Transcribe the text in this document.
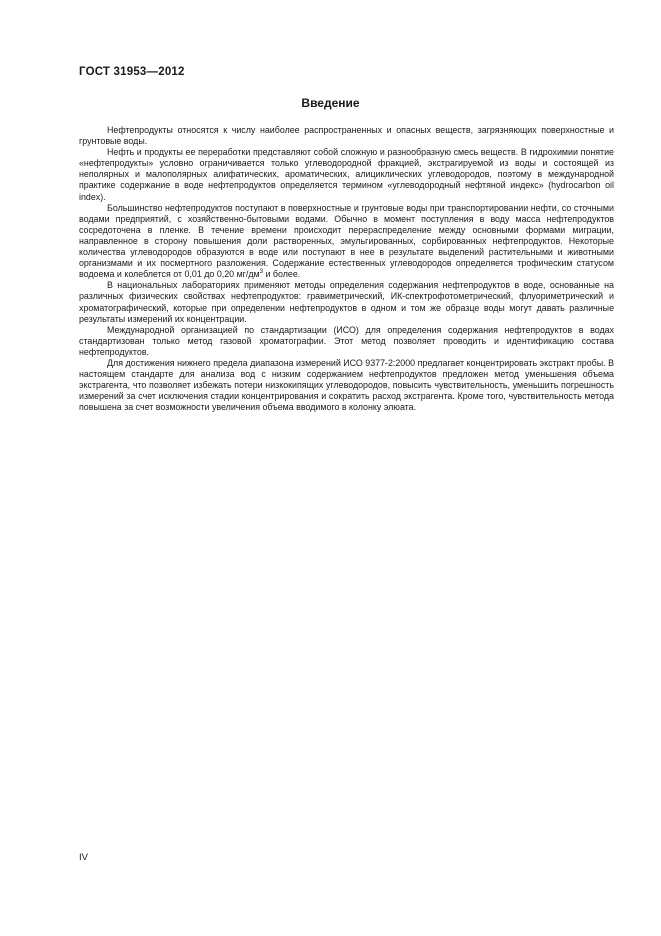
ГОСТ 31953—2012
Введение

Нефтепродукты относятся к числу наиболее распространенных и опасных веществ, загрязняющих поверхностные и грунтовые воды.

Нефть и продукты ее переработки представляют собой сложную и разнообразную смесь веществ. В гидрохимии понятие «нефтепродукты» условно ограничивается только углеводородной фракцией, экстрагируемой из воды и состоящей из неполярных и малополярных алифатических, ароматических, алициклических углеводородов, поэтому в международной практике содержание в воде нефтепродуктов определяется термином «углеводородный нефтяной индекс» (hydrocarbon oil index).

Большинство нефтепродуктов поступают в поверхностные и грунтовые воды при транспортировании нефти, со сточными водами предприятий, с хозяйственно-бытовыми водами. Обычно в момент поступления в воду масса нефтепродуктов сосредоточена в пленке. В течение времени происходит перераспределение между основными формами миграции, направленное в сторону повышения доли растворенных, эмульгированных, сорбированных нефтепродуктов. Некоторые количества углеводородов образуются в воде или поступают в нее в результате выделений растительными и животными организмами и их посмертного разложения. Содержание естественных углеводородов определяется трофическим статусом водоема и колеблется от 0,01 до 0,20 $мг/дм^3$ и более.

В национальных лабораториях применяют методы определения содержания нефтепродуктов в воде, основанные на различных физических свойствах нефтепродуктов: гравиметрический, ИК-спектрофотометрический, флуориметрический и хроматографический, которые при определении нефтепродуктов в одном и том же образце воды могут давать различные результаты измерений их концентрации.

Международной организацией по стандартизации (ИСО) для определения содержания нефтепродуктов в водах стандартизован только метод газовой хроматографии. Этот метод позволяет проводить и идентификацию состава нефтепродуктов.

Для достижения нижнего предела диапазона измерений ИСО 9377-2:2000 предлагает концентрировать экстракт пробы. В настоящем стандарте для анализа вод с низким содержанием нефтепродуктов предложен метод уменьшения объема экстрагента, что позволяет избежать потери низкокипящих углеводородов, повысить чувствительность, уменьшить погрешность измерений за счет исключения стадии концентрирования и сократить расход экстрагента. Кроме того, чувствительность метода повышена за счет возможности увеличения объема вводимого в колонку элюата.

IV
